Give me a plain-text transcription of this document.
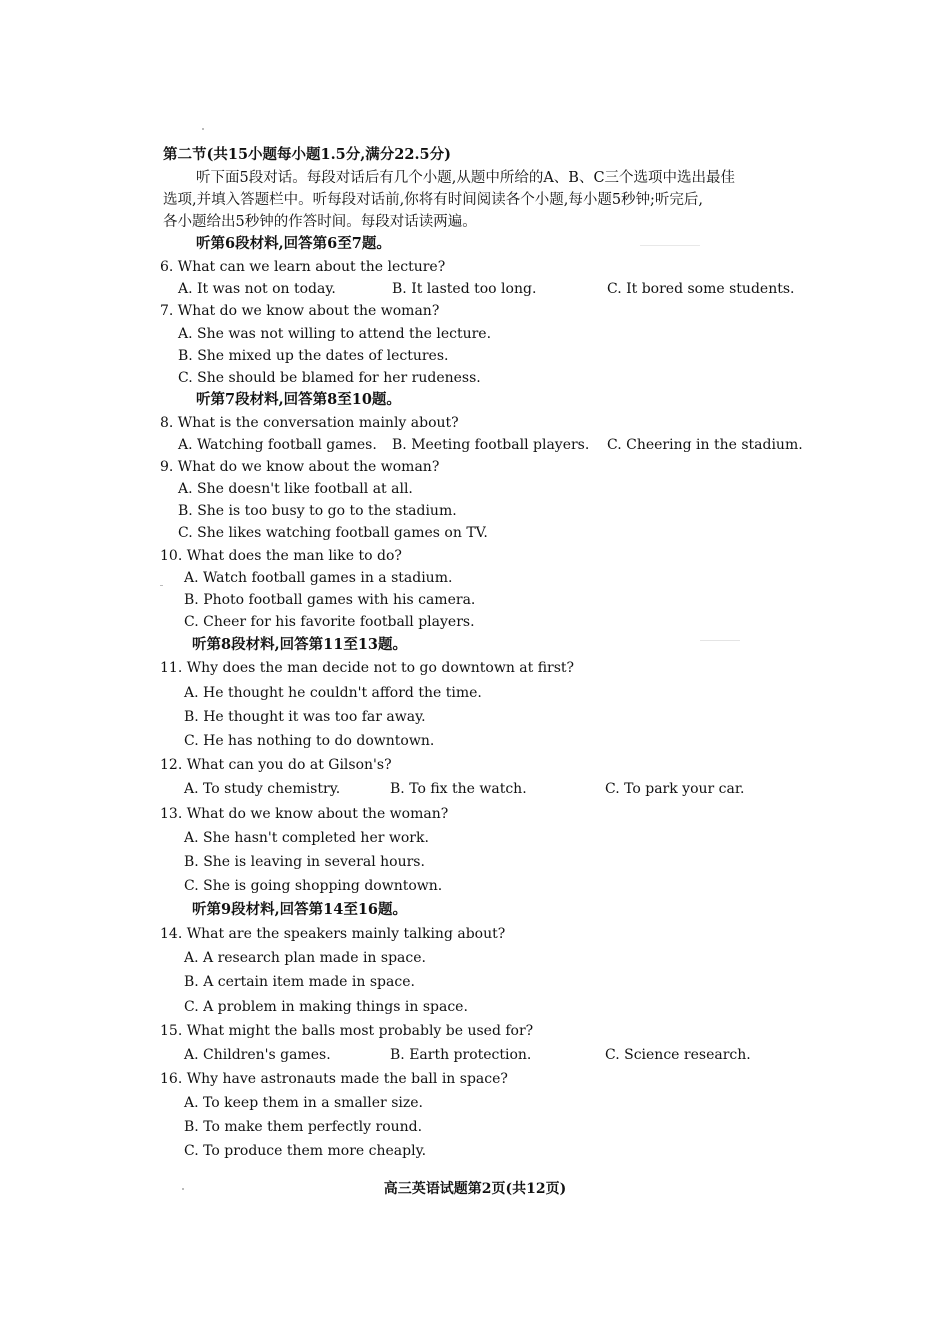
第二节(共15小题每小题1.5分,满分22.5分)
听下面5段对话。每段对话后有几个小题,从题中所给的A、B、C三个选项中选出最佳
选项,并填入答题栏中。听每段对话前,你将有时间阅读各个小题,每小题5秒钟;听完后,
各小题给出5秒钟的作答时间。每段对话读两遍。
听第6段材料,回答第6至7题。
6. What can we learn about the lecture?
A. It was not on today.	B. It lasted too long.	C. It bored some students.
7. What do we know about the woman?
A. She was not willing to attend the lecture.
B. She mixed up the dates of lectures.
C. She should be blamed for her rudeness.
听第7段材料,回答第8至10题。
8. What is the conversation mainly about?
A. Watching football games. B. Meeting football players. C. Cheering in the stadium.
9. What do we know about the woman?
A. She doesn't like football at all.
B. She is too busy to go to the stadium.
C. She likes watching football games on TV.
10. What does the man like to do?
A. Watch football games in a stadium.
B. Photo football games with his camera.
C. Cheer for his favorite football players.
听第8段材料,回答第11至13题。
11. Why does the man decide not to go downtown at first?
A. He thought he couldn't afford the time.
B. He thought it was too far away.
C. He has nothing to do downtown.
12. What can you do at Gilson's?
A. To study chemistry.	B. To fix the watch.	C. To park your car.
13. What do we know about the woman?
A. She hasn't completed her work.
B. She is leaving in several hours.
C. She is going shopping downtown.
听第9段材料,回答第14至16题。
14. What are the speakers mainly talking about?
A. A research plan made in space.
B. A certain item made in space.
C. A problem in making things in space.
15. What might the balls most probably be used for?
A. Children's games.	B. Earth protection.	C. Science research.
16. Why have astronauts made the ball in space?
A. To keep them in a smaller size.
B. To make them perfectly round.
C. To produce them more cheaply.
高三英语试题第2页(共12页)
